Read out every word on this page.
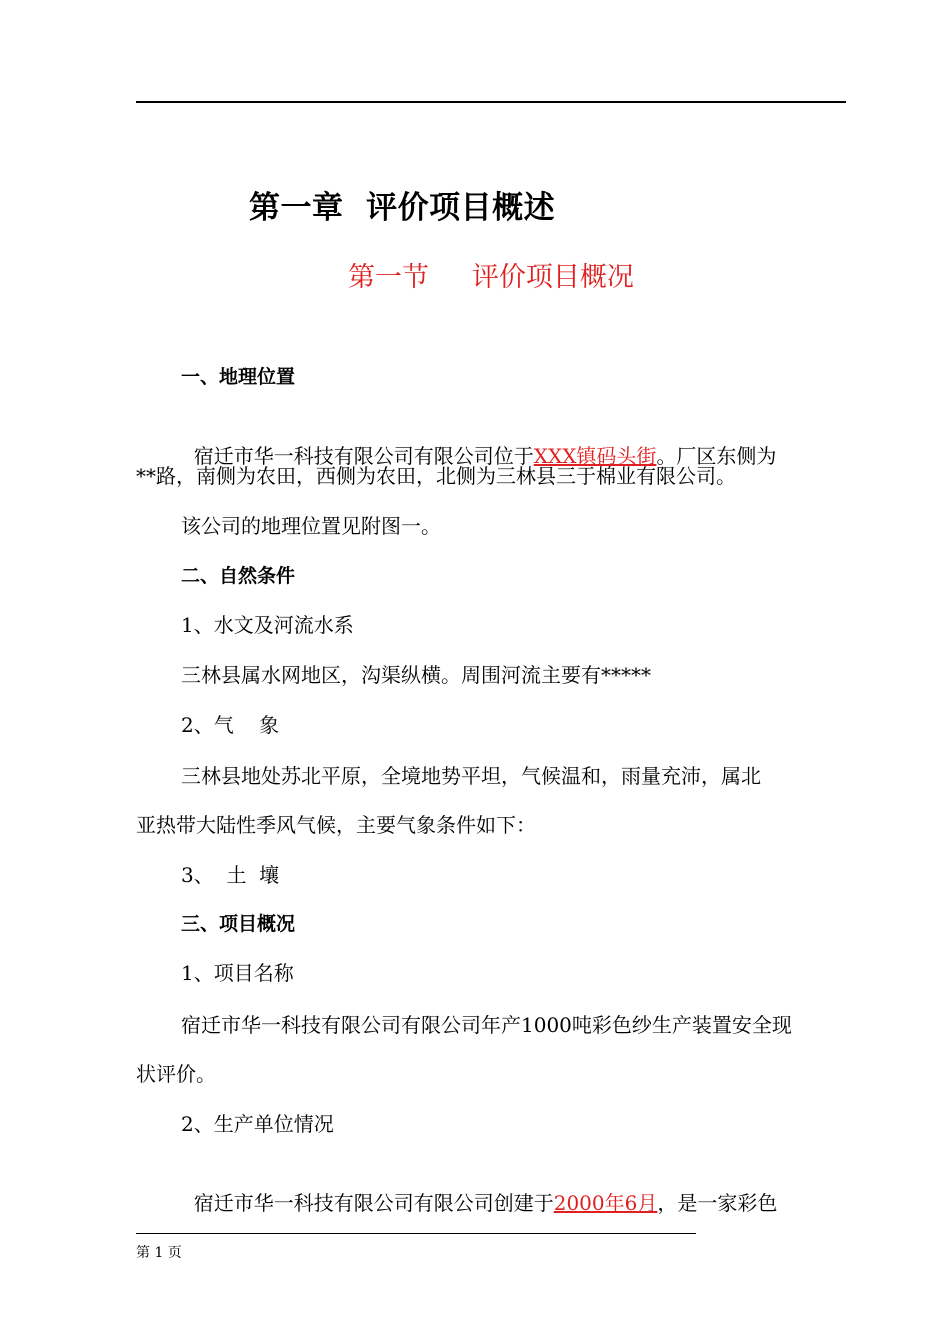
第一章  评价项目概述
第一节     评价项目概况
一、地理位置

宿迁市华一科技有限公司有限公司位于XXX镇码头街。厂区东侧为

**路，南侧为农田，西侧为农田，北侧为三林县三于棉业有限公司。
该公司的地理位置见附图一。
二、自然条件
1、水文及河流水系
三林县属水网地区，沟渠纵横。周围河流主要有*****
2、气    象
三林县地处苏北平原，全境地势平坦，气候温和，雨量充沛，属北
亚热带大陆性季风气候，主要气象条件如下：
3、  土  壤
三、项目概况
1、项目名称
宿迁市华一科技有限公司有限公司年产1000吨彩色纱生产装置安全现
状评价。
2、生产单位情况

宿迁市华一科技有限公司有限公司创建于2000年6月，是一家彩色

第 1 页
